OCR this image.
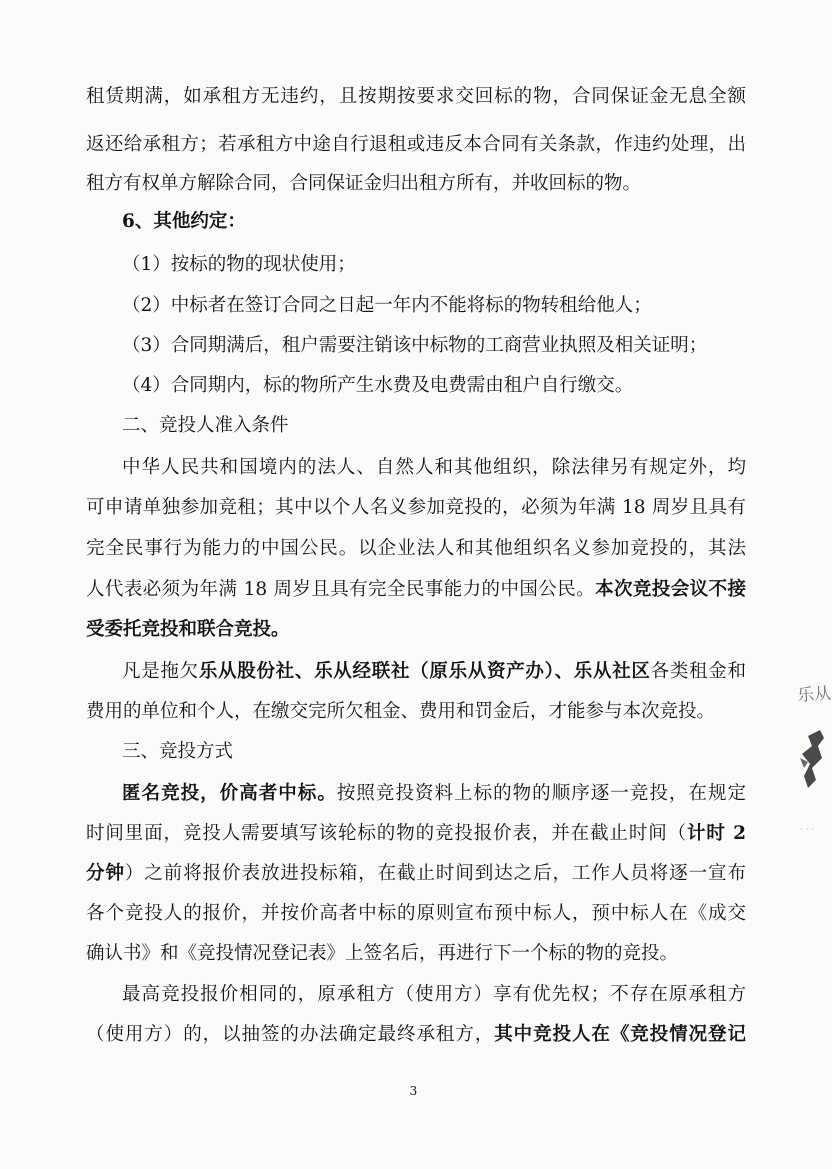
租赁期满，如承租方无违约，且按期按要求交回标的物，合同保证金无息全额
返还给承租方；若承租方中途自行退租或违反本合同有关条款，作违约处理，出
租方有权单方解除合同，合同保证金归出租方所有，并收回标的物。
6、其他约定：
（1）按标的物的现状使用；
（2）中标者在签订合同之日起一年内不能将标的物转租给他人；
（3）合同期满后，租户需要注销该中标物的工商营业执照及相关证明；
（4）合同期内，标的物所产生水费及电费需由租户自行缴交。
二、竞投人准入条件
中华人民共和国境内的法人、自然人和其他组织，除法律另有规定外，均
可申请单独参加竞租；其中以个人名义参加竞投的，必须为年满 18 周岁且具有
完全民事行为能力的中国公民。以企业法人和其他组织名义参加竞投的，其法
人代表必须为年满 18 周岁且具有完全民事能力的中国公民。本次竞投会议不接
受委托竞投和联合竞投。
凡是拖欠乐从股份社、乐从经联社（原乐从资产办）、乐从社区各类租金和
费用的单位和个人，在缴交完所欠租金、费用和罚金后，才能参与本次竞投。
三、竞投方式
匿名竞投，价高者中标。按照竞投资料上标的物的顺序逐一竞投，在规定
时间里面，竞投人需要填写该轮标的物的竞投报价表，并在截止时间（计时 2
分钟）之前将报价表放进投标箱，在截止时间到达之后，工作人员将逐一宣布
各个竞投人的报价，并按价高者中标的原则宣布预中标人，预中标人在《成交
确认书》和《竞投情况登记表》上签名后，再进行下一个标的物的竞投。
最高竞投报价相同的，原承租方（使用方）享有优先权；不存在原承租方
（使用方）的，以抽签的办法确定最终承租方，其中竞投人在《竞投情况登记
3
乐从
· · ·
